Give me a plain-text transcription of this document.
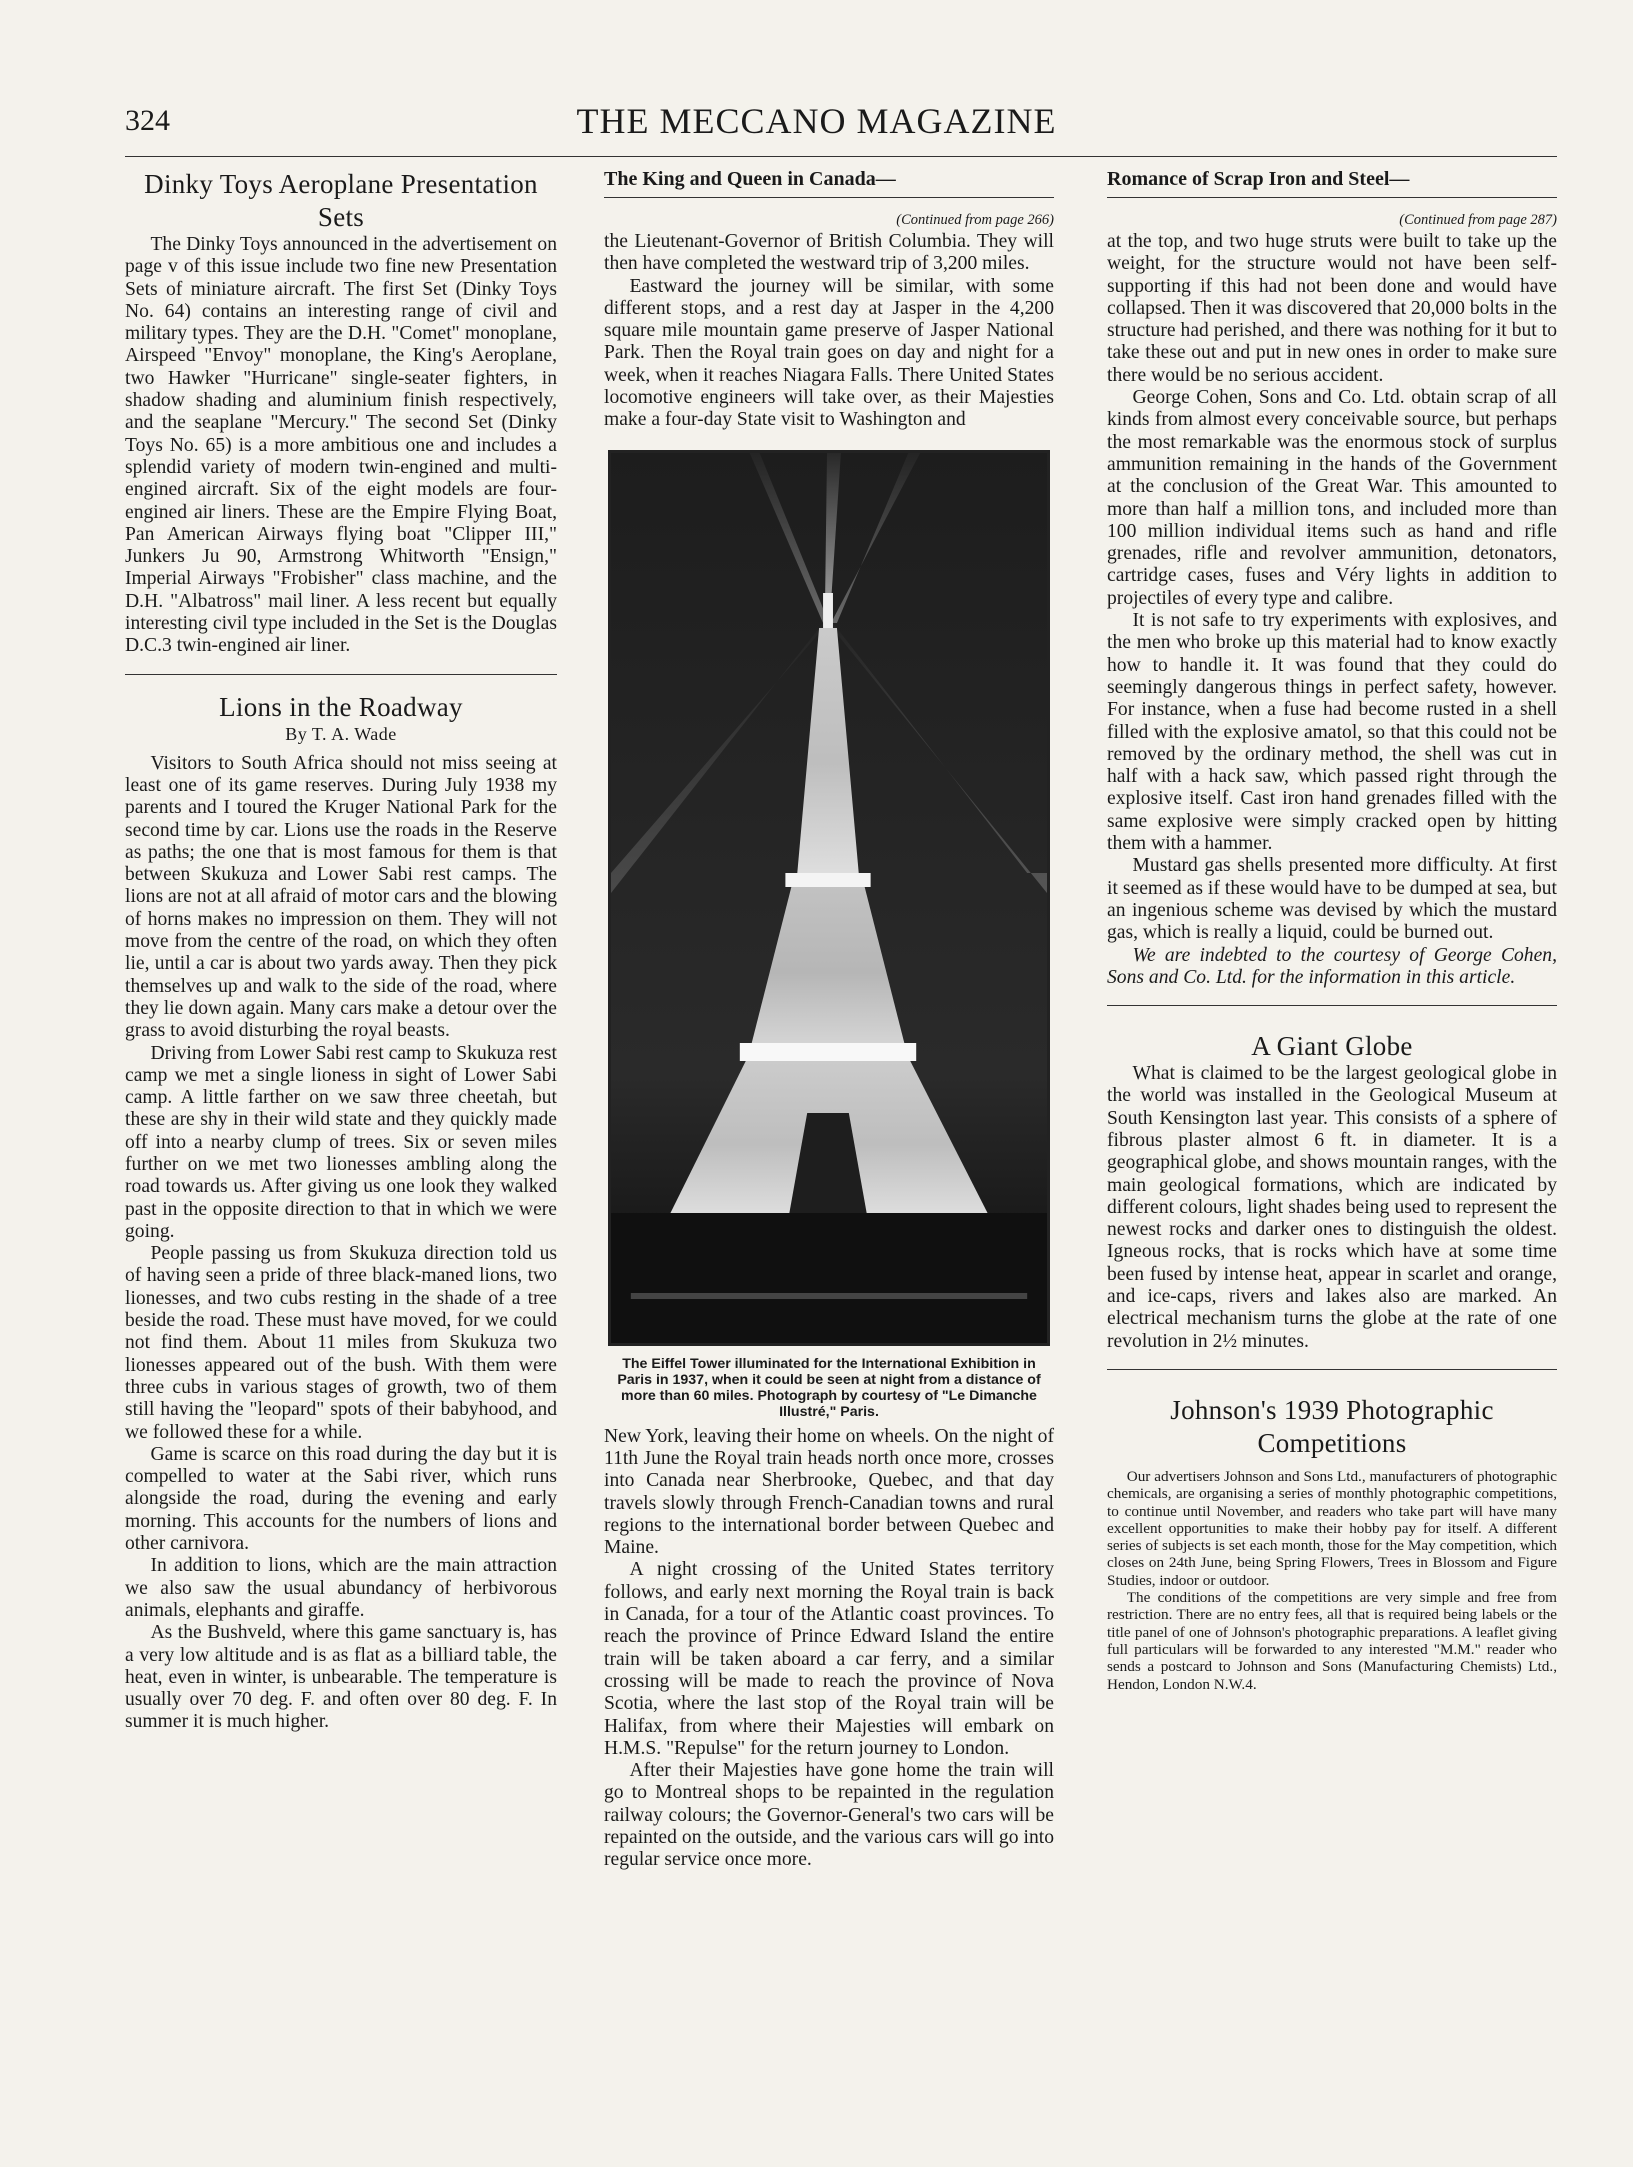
324	THE MECCANO MAGAZINE
Dinky Toys Aeroplane Presentation Sets

The Dinky Toys announced in the advertisement on page v of this issue include two fine new Presentation Sets of miniature aircraft. The first Set (Dinky Toys No. 64) contains an interesting range of civil and military types. They are the D.H. "Comet" monoplane, Airspeed "Envoy" monoplane, the King's Aeroplane, two Hawker "Hurricane" single-seater fighters, in shadow shading and aluminium finish respectively, and the seaplane "Mercury." The second Set (Dinky Toys No. 65) is a more ambitious one and includes a splendid variety of modern twin-engined and multi-engined aircraft. Six of the eight models are four-engined air liners. These are the Empire Flying Boat, Pan American Airways flying boat "Clipper III," Junkers Ju 90, Armstrong Whitworth "Ensign," Imperial Airways "Frobisher" class machine, and the D.H. "Albatross" mail liner. A less recent but equally interesting civil type included in the Set is the Douglas D.C.3 twin-engined air liner.

Lions in the Roadway
By T. A. Wade

Visitors to South Africa should not miss seeing at least one of its game reserves. During July 1938 my parents and I toured the Kruger National Park for the second time by car. Lions use the roads in the Reserve as paths; the one that is most famous for them is that between Skukuza and Lower Sabi rest camps. The lions are not at all afraid of motor cars and the blowing of horns makes no impression on them. They will not move from the centre of the road, on which they often lie, until a car is about two yards away. Then they pick themselves up and walk to the side of the road, where they lie down again. Many cars make a detour over the grass to avoid disturbing the royal beasts.

Driving from Lower Sabi rest camp to Skukuza rest camp we met a single lioness in sight of Lower Sabi camp. A little farther on we saw three cheetah, but these are shy in their wild state and they quickly made off into a nearby clump of trees. Six or seven miles further on we met two lionesses ambling along the road towards us. After giving us one look they walked past in the opposite direction to that in which we were going.

People passing us from Skukuza direction told us of having seen a pride of three black-maned lions, two lionesses, and two cubs resting in the shade of a tree beside the road. These must have moved, for we could not find them. About 11 miles from Skukuza two lionesses appeared out of the bush. With them were three cubs in various stages of growth, two of them still having the "leopard" spots of their babyhood, and we followed these for a while.

Game is scarce on this road during the day but it is compelled to water at the Sabi river, which runs alongside the road, during the evening and early morning. This accounts for the numbers of lions and other carnivora.

In addition to lions, which are the main attraction we also saw the usual abundancy of herbivorous animals, elephants and giraffe.

As the Bushveld, where this game sanctuary is, has a very low altitude and is as flat as a billiard table, the heat, even in winter, is unbearable. The temperature is usually over 70 deg. F. and often over 80 deg. F. In summer it is much higher.

The King and Queen in Canada—
(Continued from page 266)

the Lieutenant-Governor of British Columbia. They will then have completed the westward trip of 3,200 miles.

Eastward the journey will be similar, with some different stops, and a rest day at Jasper in the 4,200 square mile mountain game preserve of Jasper National Park. Then the Royal train goes on day and night for a week, when it reaches Niagara Falls. There United States locomotive engineers will take over, as their Majesties make a four-day State visit to Washington and

The Eiffel Tower illuminated for the International Exhibition in Paris in 1937, when it could be seen at night from a distance of more than 60 miles. Photograph by courtesy of "Le Dimanche Illustré," Paris.

New York, leaving their home on wheels. On the night of 11th June the Royal train heads north once more, crosses into Canada near Sherbrooke, Quebec, and that day travels slowly through French-Canadian towns and rural regions to the international border between Quebec and Maine.

A night crossing of the United States territory follows, and early next morning the Royal train is back in Canada, for a tour of the Atlantic coast provinces. To reach the province of Prince Edward Island the entire train will be taken aboard a car ferry, and a similar crossing will be made to reach the province of Nova Scotia, where the last stop of the Royal train will be Halifax, from where their Majesties will embark on H.M.S. "Repulse" for the return journey to London.

After their Majesties have gone home the train will go to Montreal shops to be repainted in the regulation railway colours; the Governor-General's two cars will be repainted on the outside, and the various cars will go into regular service once more.

Romance of Scrap Iron and Steel—
(Continued from page 287)

at the top, and two huge struts were built to take up the weight, for the structure would not have been self-supporting if this had not been done and would have collapsed. Then it was discovered that 20,000 bolts in the structure had perished, and there was nothing for it but to take these out and put in new ones in order to make sure there would be no serious accident.

George Cohen, Sons and Co. Ltd. obtain scrap of all kinds from almost every conceivable source, but perhaps the most remarkable was the enormous stock of surplus ammunition remaining in the hands of the Government at the conclusion of the Great War. This amounted to more than half a million tons, and included more than 100 million individual items such as hand and rifle grenades, rifle and revolver ammunition, detonators, cartridge cases, fuses and Véry lights in addition to projectiles of every type and calibre.

It is not safe to try experiments with explosives, and the men who broke up this material had to know exactly how to handle it. It was found that they could do seemingly dangerous things in perfect safety, however. For instance, when a fuse had become rusted in a shell filled with the explosive amatol, so that this could not be removed by the ordinary method, the shell was cut in half with a hack saw, which passed right through the explosive itself. Cast iron hand grenades filled with the same explosive were simply cracked open by hitting them with a hammer.

Mustard gas shells presented more difficulty. At first it seemed as if these would have to be dumped at sea, but an ingenious scheme was devised by which the mustard gas, which is really a liquid, could be burned out.

We are indebted to the courtesy of George Cohen, Sons and Co. Ltd. for the information in this article.

A Giant Globe

What is claimed to be the largest geological globe in the world was installed in the Geological Museum at South Kensington last year. This consists of a sphere of fibrous plaster almost 6 ft. in diameter. It is a geographical globe, and shows mountain ranges, with the main geological formations, which are indicated by different colours, light shades being used to represent the newest rocks and darker ones to distinguish the oldest. Igneous rocks, that is rocks which have at some time been fused by intense heat, appear in scarlet and orange, and ice-caps, rivers and lakes also are marked. An electrical mechanism turns the globe at the rate of one revolution in 2½ minutes.

Johnson's 1939 Photographic Competitions

Our advertisers Johnson and Sons Ltd., manufacturers of photographic chemicals, are organising a series of monthly photographic competitions, to continue until November, and readers who take part will have many excellent opportunities to make their hobby pay for itself. A different series of subjects is set each month, those for the May competition, which closes on 24th June, being Spring Flowers, Trees in Blossom and Figure Studies, indoor or outdoor.

The conditions of the competitions are very simple and free from restriction. There are no entry fees, all that is required being labels or the title panel of one of Johnson's photographic preparations. A leaflet giving full particulars will be forwarded to any interested "M.M." reader who sends a postcard to Johnson and Sons (Manufacturing Chemists) Ltd., Hendon, London N.W.4.
